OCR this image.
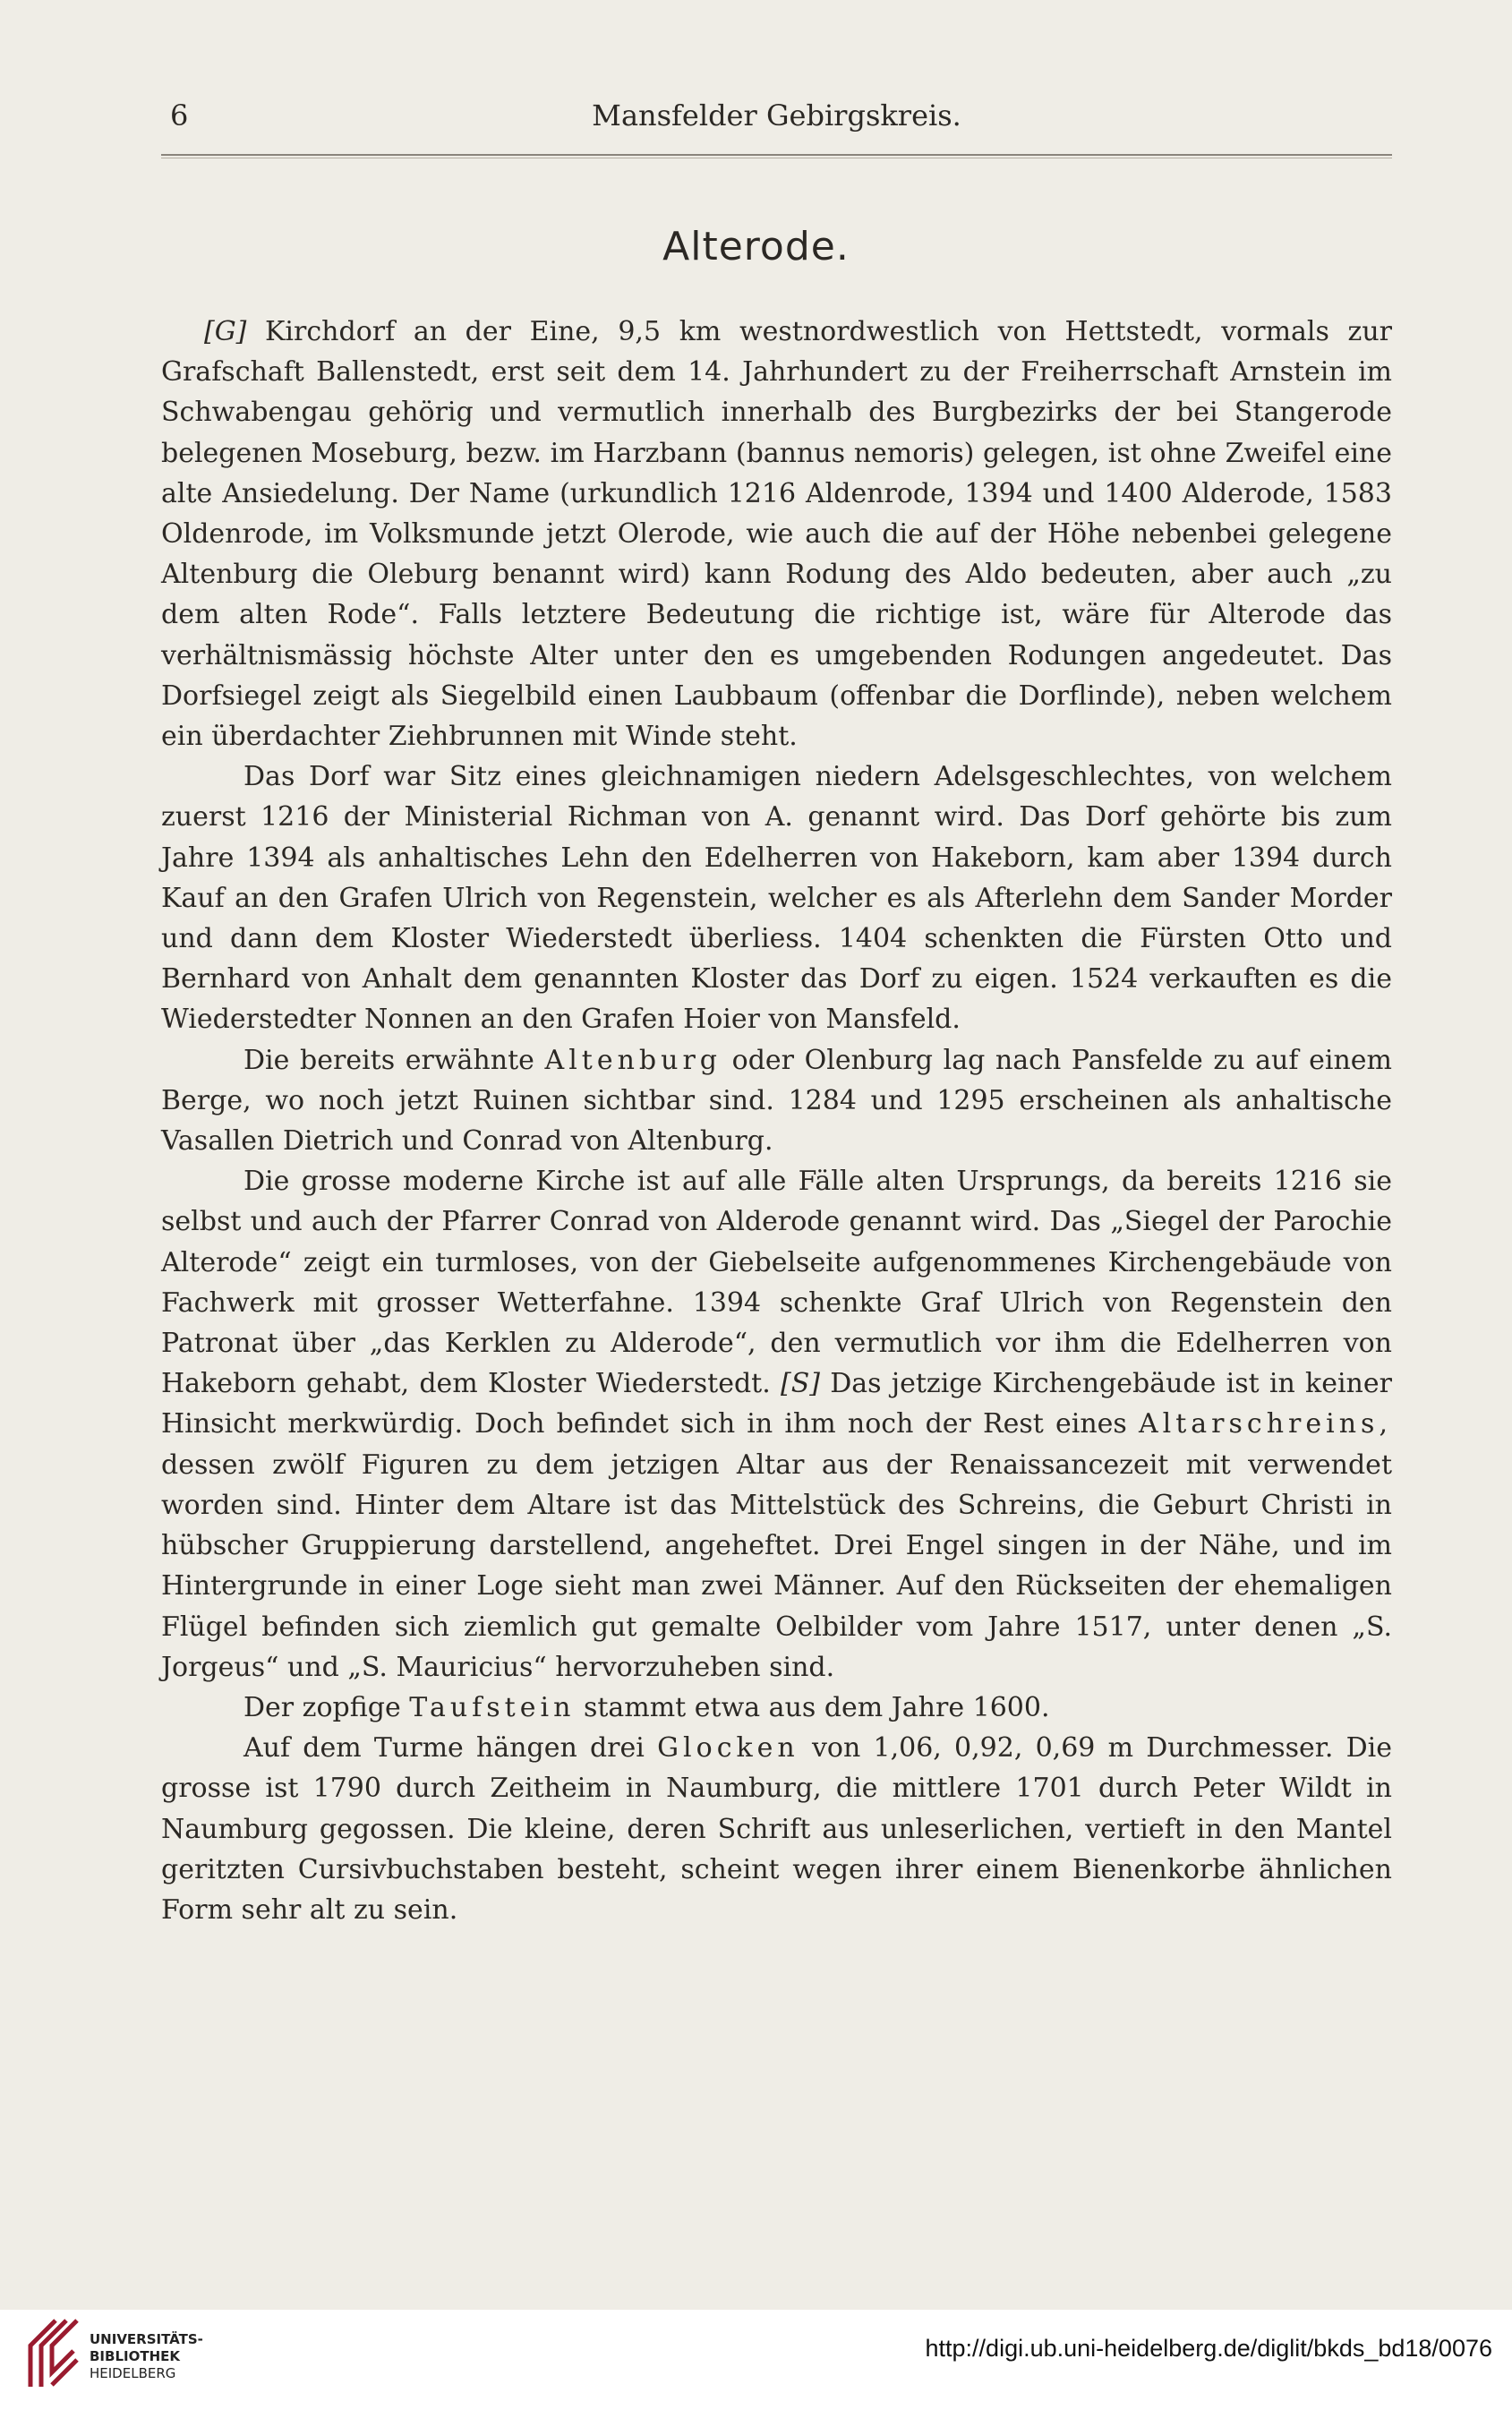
6	Mansfelder Gebirgskreis.
Alterode.

[G] Kirchdorf an der Eine, 9,5 km westnordwestlich von Hettstedt, vormals zur Grafschaft Ballenstedt, erst seit dem 14. Jahrhundert zu der Freiherrschaft Arnstein im Schwabengau gehörig und vermutlich innerhalb des Burgbezirks der bei Stangerode belegenen Moseburg, bezw. im Harzbann (bannus nemoris) gelegen, ist ohne Zweifel eine alte Ansiedelung. Der Name (urkundlich 1216 Aldenrode, 1394 und 1400 Alderode, 1583 Oldenrode, im Volksmunde jetzt Olerode, wie auch die auf der Höhe nebenbei gelegene Altenburg die Oleburg benannt wird) kann Rodung des Aldo bedeuten, aber auch „zu dem alten Rode“. Falls letztere Bedeutung die richtige ist, wäre für Alterode das verhältnismässig höchste Alter unter den es umgebenden Rodungen angedeutet. Das Dorfsiegel zeigt als Siegelbild einen Laubbaum (offenbar die Dorflinde), neben welchem ein überdachter Ziehbrunnen mit Winde steht.

Das Dorf war Sitz eines gleichnamigen niedern Adelsgeschlechtes, von welchem zuerst 1216 der Ministerial Richman von A. genannt wird. Das Dorf gehörte bis zum Jahre 1394 als anhaltisches Lehn den Edelherren von Hakeborn, kam aber 1394 durch Kauf an den Grafen Ulrich von Regenstein, welcher es als Afterlehn dem Sander Morder und dann dem Kloster Wiederstedt überliess. 1404 schenkten die Fürsten Otto und Bernhard von Anhalt dem genannten Kloster das Dorf zu eigen. 1524 verkauften es die Wiederstedter Nonnen an den Grafen Hoier von Mansfeld.

Die bereits erwähnte Altenburg oder Olenburg lag nach Pansfelde zu auf einem Berge, wo noch jetzt Ruinen sichtbar sind. 1284 und 1295 erscheinen als anhaltische Vasallen Dietrich und Conrad von Altenburg.

Die grosse moderne Kirche ist auf alle Fälle alten Ursprungs, da bereits 1216 sie selbst und auch der Pfarrer Conrad von Alderode genannt wird. Das „Siegel der Parochie Alterode“ zeigt ein turmloses, von der Giebelseite aufgenommenes Kirchengebäude von Fachwerk mit grosser Wetterfahne. 1394 schenkte Graf Ulrich von Regenstein den Patronat über „das Kerklen zu Alderode“, den vermutlich vor ihm die Edelherren von Hakeborn gehabt, dem Kloster Wiederstedt. [S] Das jetzige Kirchengebäude ist in keiner Hinsicht merkwürdig. Doch befindet sich in ihm noch der Rest eines Altarschreins, dessen zwölf Figuren zu dem jetzigen Altar aus der Renaissancezeit mit verwendet worden sind. Hinter dem Altare ist das Mittelstück des Schreins, die Geburt Christi in hübscher Gruppierung darstellend, angeheftet. Drei Engel singen in der Nähe, und im Hintergrunde in einer Loge sieht man zwei Männer. Auf den Rückseiten der ehemaligen Flügel befinden sich ziemlich gut gemalte Oelbilder vom Jahre 1517, unter denen „S. Jorgeus“ und „S. Mauricius“ hervorzuheben sind.

Der zopfige Taufstein stammt etwa aus dem Jahre 1600.

Auf dem Turme hängen drei Glocken von 1,06, 0,92, 0,69 m Durchmesser. Die grosse ist 1790 durch Zeitheim in Naumburg, die mittlere 1701 durch Peter Wildt in Naumburg gegossen. Die kleine, deren Schrift aus unleserlichen, vertieft in den Mantel geritzten Cursivbuchstaben besteht, scheint wegen ihrer einem Bienenkorbe ähnlichen Form sehr alt zu sein.

UNIVERSITÄTS-
BIBLIOTHEK
HEIDELBERG
http://digi.ub.uni-heidelberg.de/diglit/bkds_bd18/0076
